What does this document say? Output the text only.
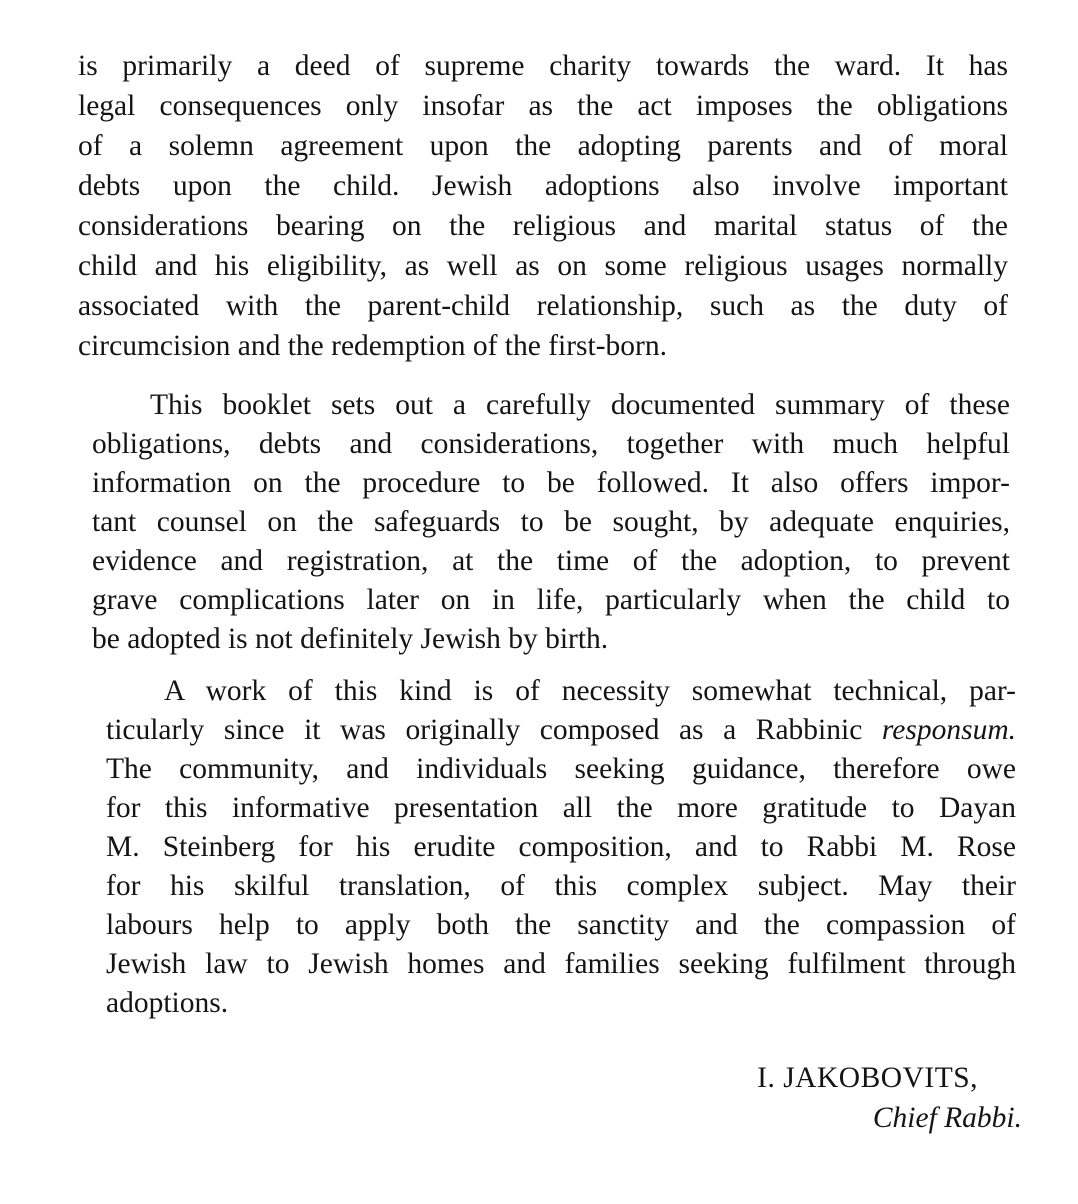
is primarily a deed of supreme charity towards the ward. It has
legal consequences only insofar as the act imposes the obligations
of a solemn agreement upon the adopting parents and of moral
debts upon the child. Jewish adoptions also involve important
considerations bearing on the religious and marital status of the
child and his eligibility, as well as on some religious usages normally
associated with the parent-child relationship, such as the duty of
circumcision and the redemption of the first-born.

This booklet sets out a carefully documented summary of these
obligations, debts and considerations, together with much helpful
information on the procedure to be followed. It also offers impor-
tant counsel on the safeguards to be sought, by adequate enquiries,
evidence and registration, at the time of the adoption, to prevent
grave complications later on in life, particularly when the child to
be adopted is not definitely Jewish by birth.

A work of this kind is of necessity somewhat technical, par-
ticularly since it was originally composed as a Rabbinic responsum.
The community, and individuals seeking guidance, therefore owe
for this informative presentation all the more gratitude to Dayan
M. Steinberg for his erudite composition, and to Rabbi M. Rose
for his skilful translation, of this complex subject. May their
labours help to apply both the sanctity and the compassion of
Jewish law to Jewish homes and families seeking fulfilment through
adoptions.

I. JAKOBOVITS,
Chief Rabbi.
